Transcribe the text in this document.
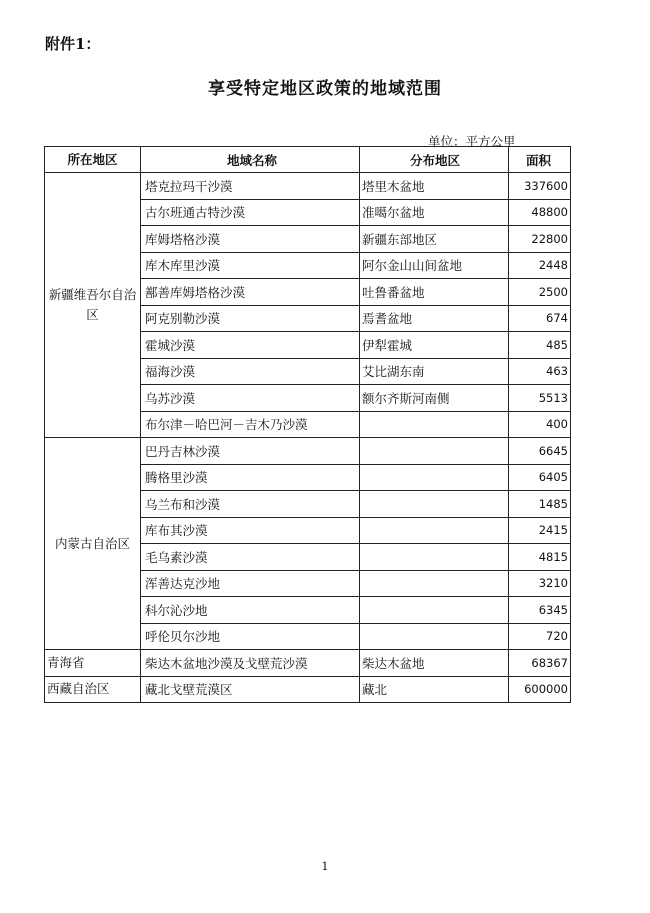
附件1：
享受特定地区政策的地域范围
单位：平方公里
所在地区	地域名称	分布地区	面积
新疆维吾尔自治区	塔克拉玛干沙漠	塔里木盆地	337600
	古尔班通古特沙漠	准噶尔盆地	48800
	库姆塔格沙漠	新疆东部地区	22800
	库木库里沙漠	阿尔金山山间盆地	2448
	鄯善库姆塔格沙漠	吐鲁番盆地	2500
	阿克别勒沙漠	焉耆盆地	674
	霍城沙漠	伊犁霍城	485
	福海沙漠	艾比湖东南	463
	乌苏沙漠	额尔齐斯河南侧	5513
	布尔津－哈巴河－吉木乃沙漠		400
内蒙古自治区	巴丹吉林沙漠		6645
	腾格里沙漠		6405
	乌兰布和沙漠		1485
	库布其沙漠		2415
	毛乌素沙漠		4815
	浑善达克沙地		3210
	科尔沁沙地		6345
	呼伦贝尔沙地		720
青海省	柴达木盆地沙漠及戈壁荒沙漠	柴达木盆地	68367
西藏自治区	藏北戈壁荒漠区	藏北	600000
1
